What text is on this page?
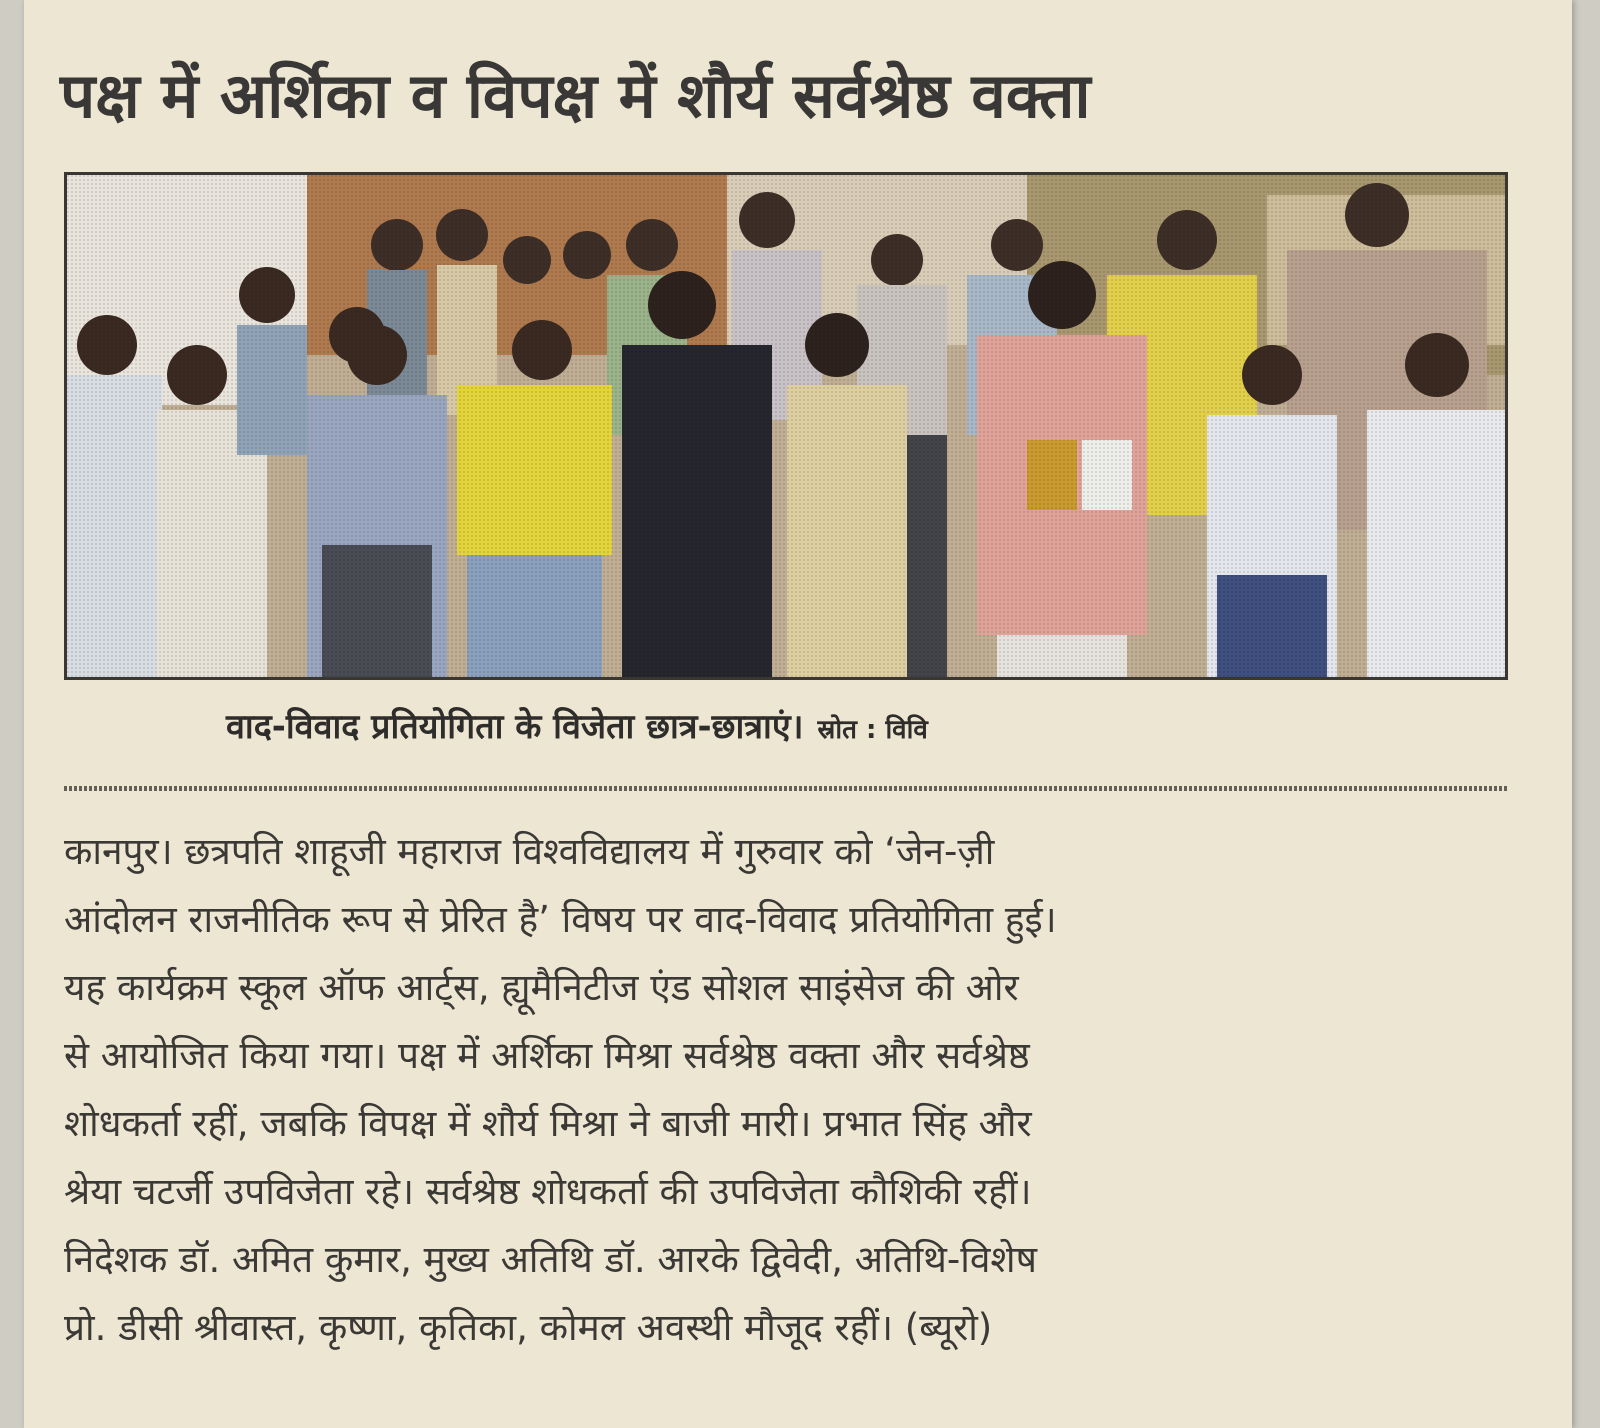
पक्ष में अर्शिका व विपक्ष में शौर्य सर्वश्रेष्ठ वक्ता
वाद-विवाद प्रतियोगिता के विजेता छात्र-छात्राएं। स्रोत : विवि
कानपुर। छत्रपति शाहूजी महाराज विश्वविद्यालय में गुरुवार को ‘जेन-ज़ी
आंदोलन राजनीतिक रूप से प्रेरित है’ विषय पर वाद-विवाद प्रतियोगिता हुई।
यह कार्यक्रम स्कूल ऑफ आर्ट्स, ह्यूमैनिटीज एंड सोशल साइंसेज की ओर
से आयोजित किया गया। पक्ष में अर्शिका मिश्रा सर्वश्रेष्ठ वक्ता और सर्वश्रेष्ठ
शोधकर्ता रहीं, जबकि विपक्ष में शौर्य मिश्रा ने बाजी मारी। प्रभात सिंह और
श्रेया चटर्जी उपविजेता रहे। सर्वश्रेष्ठ शोधकर्ता की उपविजेता कौशिकी रहीं।
निदेशक डॉ. अमित कुमार, मुख्य अतिथि डॉ. आरके द्विवेदी, अतिथि-विशेष
प्रो. डीसी श्रीवास्त, कृष्णा, कृतिका, कोमल अवस्थी मौजूद रहीं। (ब्यूरो)
